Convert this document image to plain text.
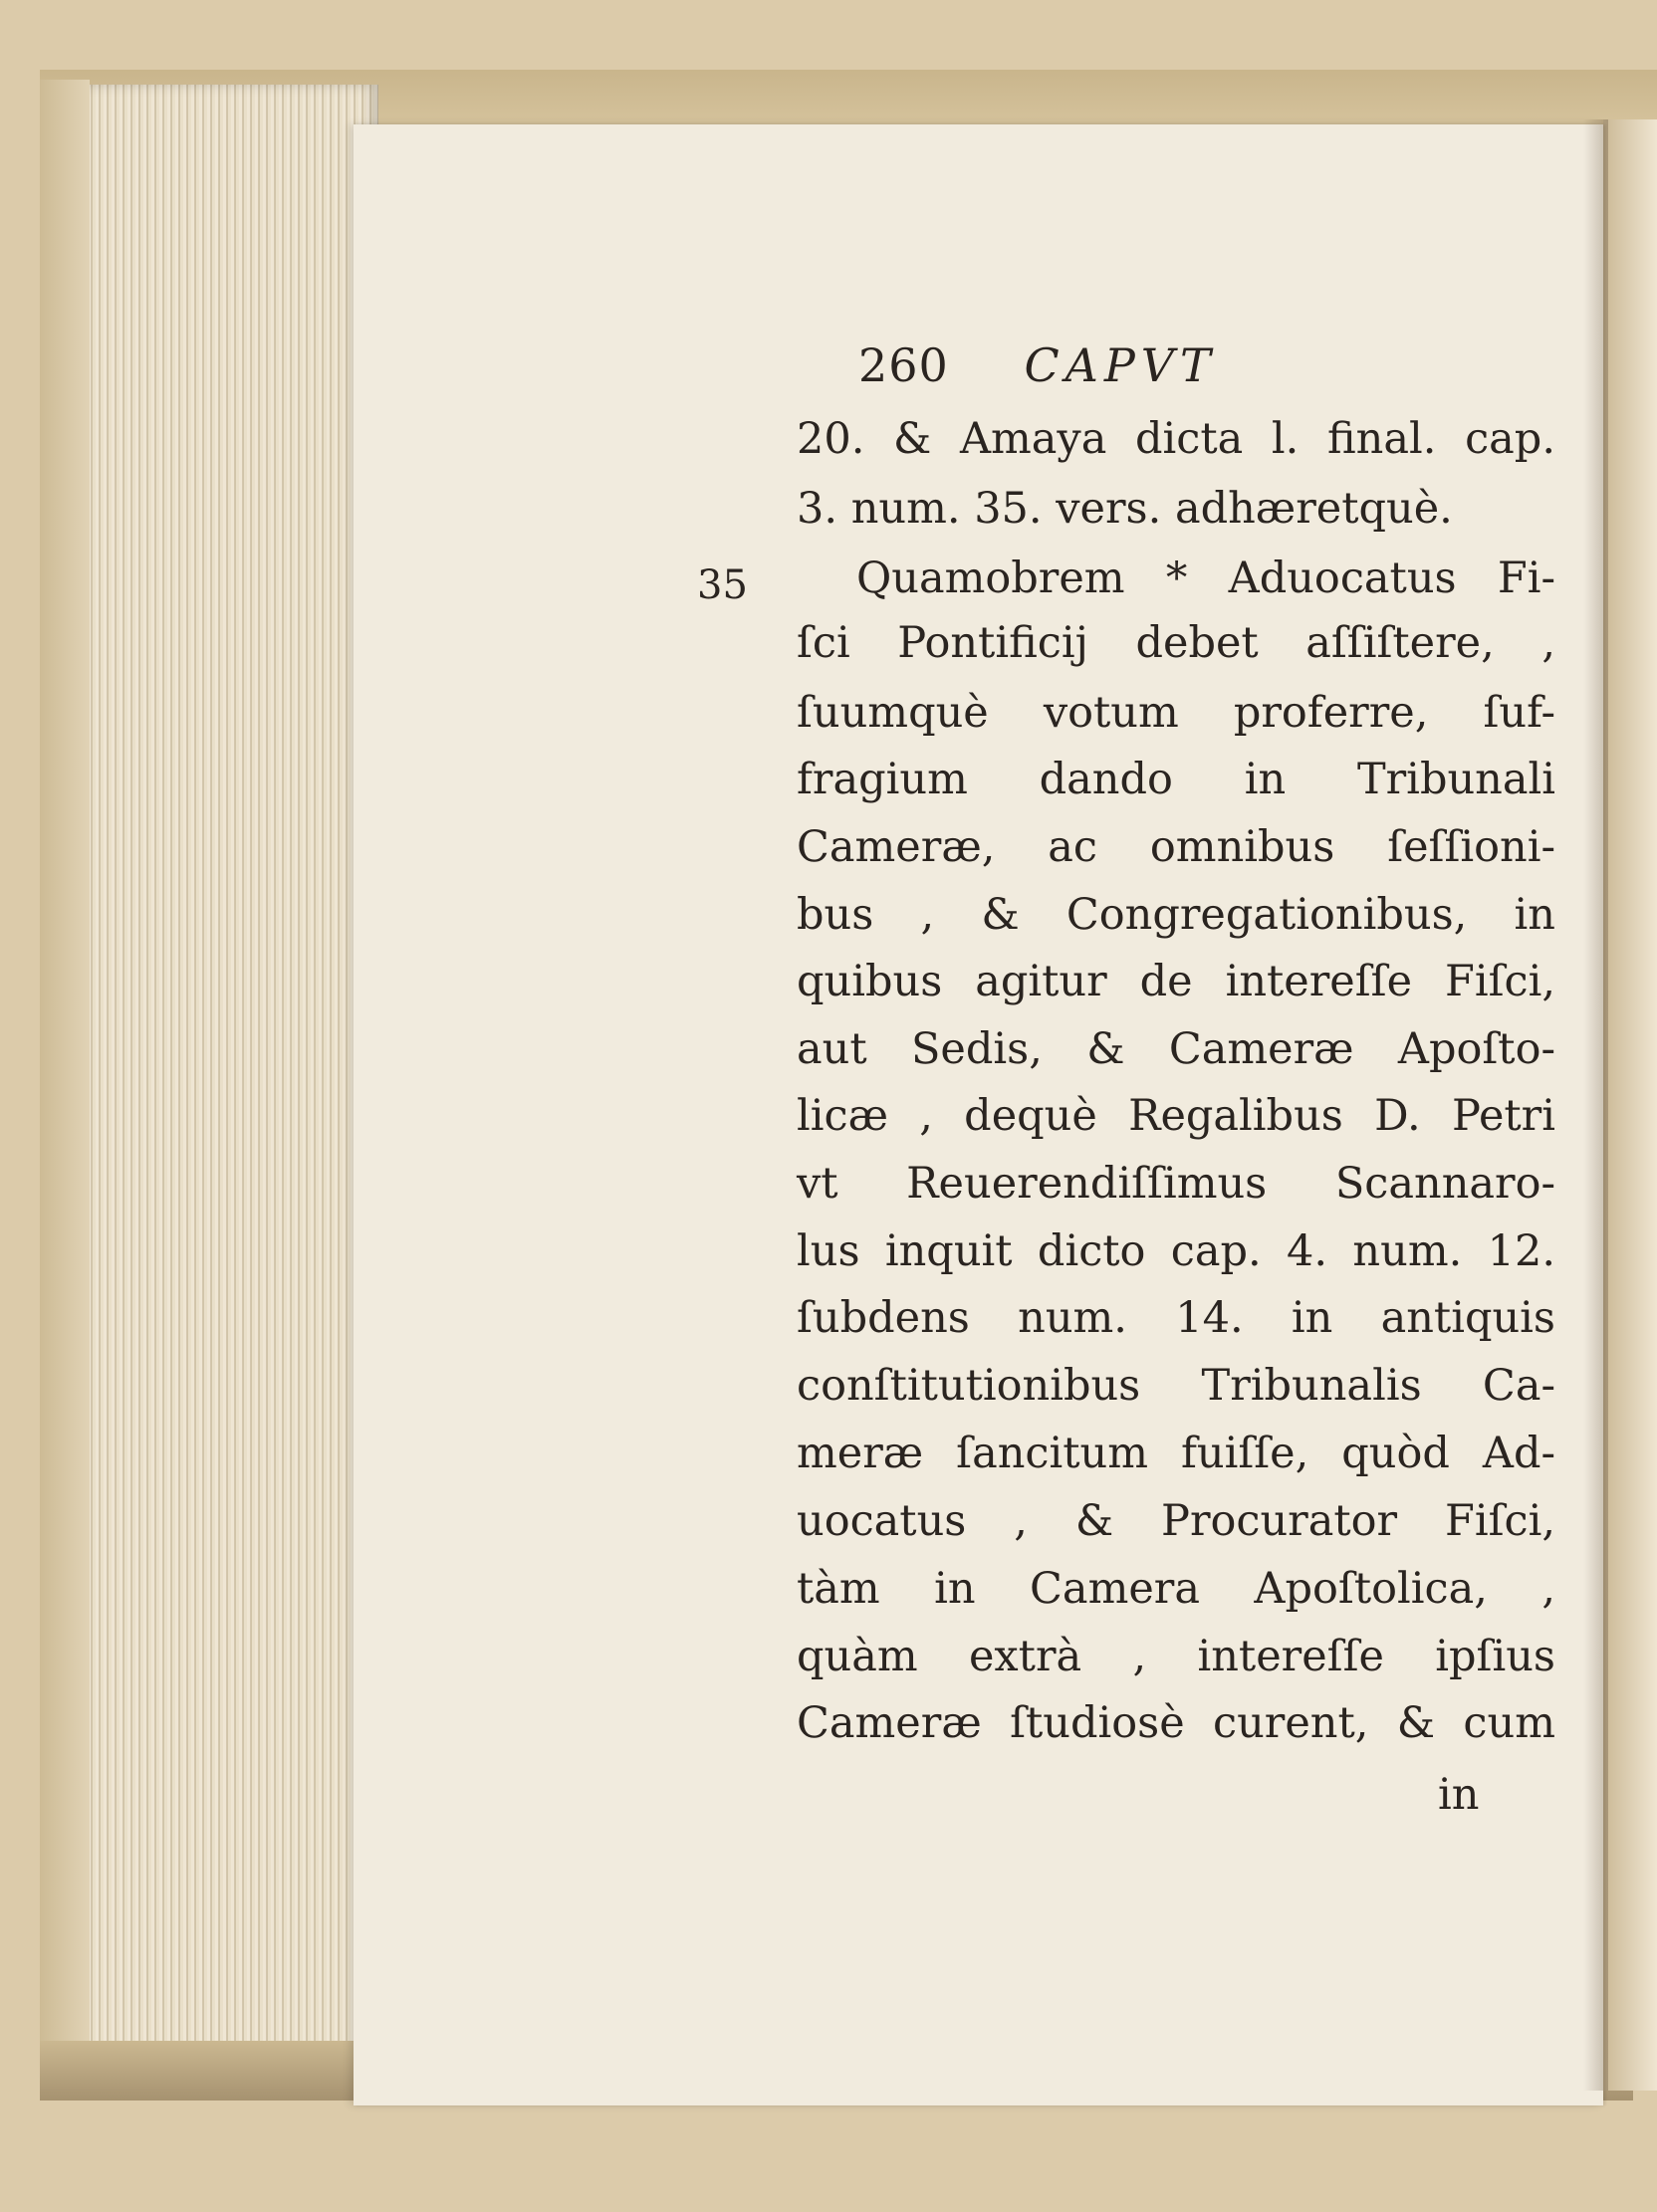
260 CAPVT
35
20. & Amaya dicta l. final. cap.
3. num. 35. vers. adhæretquè.
Quamobrem * Aduocatus Fi-
ſci Pontificij debet aſſiſtere, ,
ſuumquè votum proferre, ſuf-
fragium dando in Tribunali
Cameræ, ac omnibus ſeſſioni-
bus , & Congregationibus, in
quibus agitur de intereſſe Fiſci,
aut Sedis, & Cameræ Apoſto-
licæ , dequè Regalibus D. Petri
vt Reuerendiſſimus Scannaro-
lus inquit dicto cap. 4. num. 12.
ſubdens num. 14. in antiquis
conſtitutionibus Tribunalis Ca-
meræ ſancitum fuiſſe, quòd Ad-
uocatus , & Procurator Fiſci,
tàm in Camera Apoſtolica, ,
quàm extrà , intereſſe ipſius
Cameræ ſtudiosè curent, & cum
in
